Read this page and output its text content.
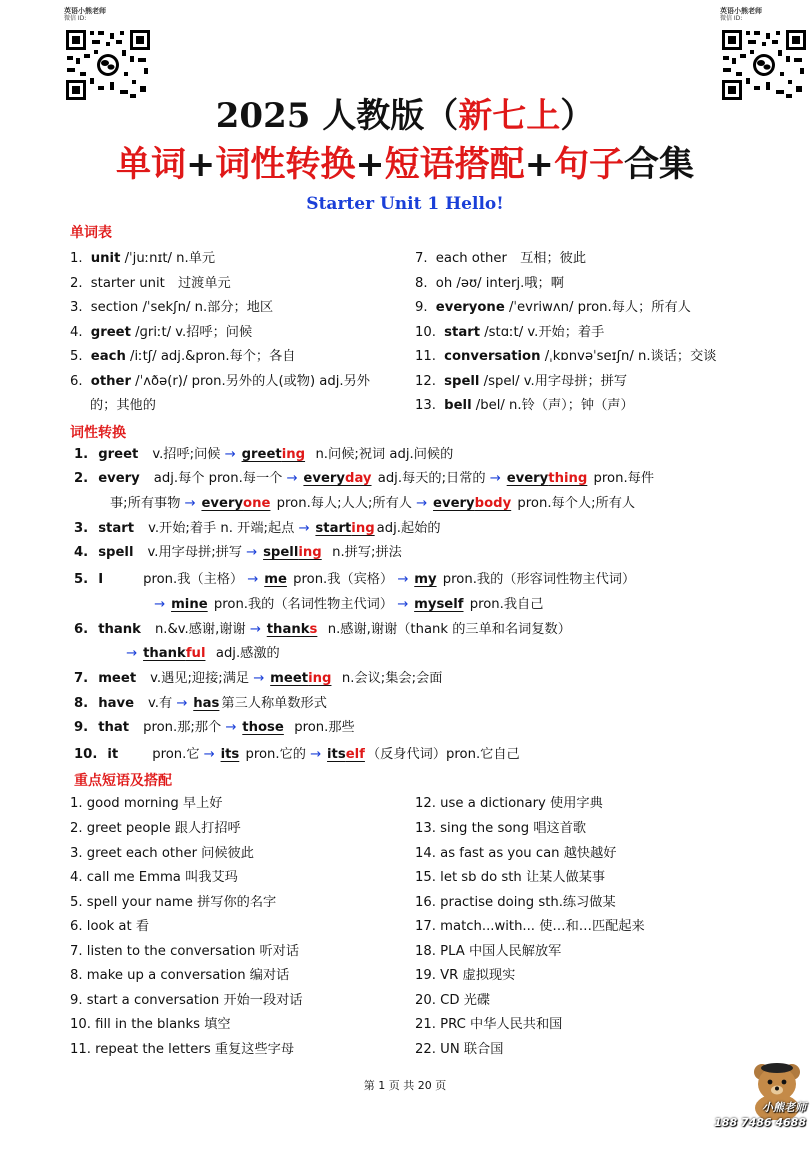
英语小熊老师
微信 ID:
英语小熊老师
微信 ID:
2025 人教版（新七上）
单词+词性转换+短语搭配+句子合集
Starter Unit 1 Hello!
单词表
的；其他的
词性转换
1. greet v.招呼;问候 → greeting n.问候;祝词 adj.问候的
2. every adj.每个 pron.每一个 → everyday adj.每天的;日常的 → everything pron.每件
事;所有事物 → everyone pron.每人;人人;所有人 → everybody pron.每个人;所有人
3. start v.开始;着手 n. 开端;起点 → starting adj.起始的
4. spell v.用字母拼;拼写 → spelling n.拼写;拼法
5. I	pron.我（主格） → me pron.我（宾格） → my pron.我的（形容词性物主代词）
→ mine pron.我的（名词性物主代词） → myself pron.我自己
6. thank n.&v.感谢,谢谢 → thanks n.感谢,谢谢（thank 的三单和名词复数）
→ thankful adj.感激的
7. meet v.遇见;迎接;满足 → meeting n.会议;集会;会面
8. have v.有 → has 第三人称单数形式
9. that pron.那;那个 → those pron.那些
10. it	pron.它 → its pron.它的 → itself （反身代词）pron.它自己
重点短语及搭配
第 1 页 共 20 页
小熊老师
188 7486 4688
1. unit /ˈjuːnɪt/ n.单元
2. starter unit　过渡单元
3. section /ˈsekʃn/ n.部分；地区
4. greet /ɡriːt/ v.招呼；问候
5. each /iːtʃ/ adj.&pron.每个；各自
6. other /ˈʌðə(r)/ pron.另外的人(或物) adj.另外
7. each other　互相；彼此
8. oh /əʊ/ interj.哦；啊
9. everyone /ˈevriwʌn/ pron.每人；所有人
10. start /stɑːt/ v.开始；着手
11. conversation /ˌkɒnvəˈseɪʃn/ n.谈话；交谈
12. spell /spel/ v.用字母拼；拼写
13. bell /bel/ n.铃（声）；钟（声）
1. good morning 早上好
2. greet people 跟人打招呼
3. greet each other 问候彼此
4. call me Emma 叫我艾玛
5. spell your name 拼写你的名字
6. look at 看
7. listen to the conversation 听对话
8. make up a conversation 编对话
9. start a conversation 开始一段对话
10. fill in the blanks 填空
11. repeat the letters 重复这些字母
12. use a dictionary 使用字典
13. sing the song 唱这首歌
14. as fast as you can 越快越好
15. let sb do sth 让某人做某事
16. practise doing sth.练习做某
17. match...with... 使…和…匹配起来
18. PLA 中国人民解放军
19. VR 虚拟现实
20. CD 光碟
21. PRC 中华人民共和国
22. UN 联合国
